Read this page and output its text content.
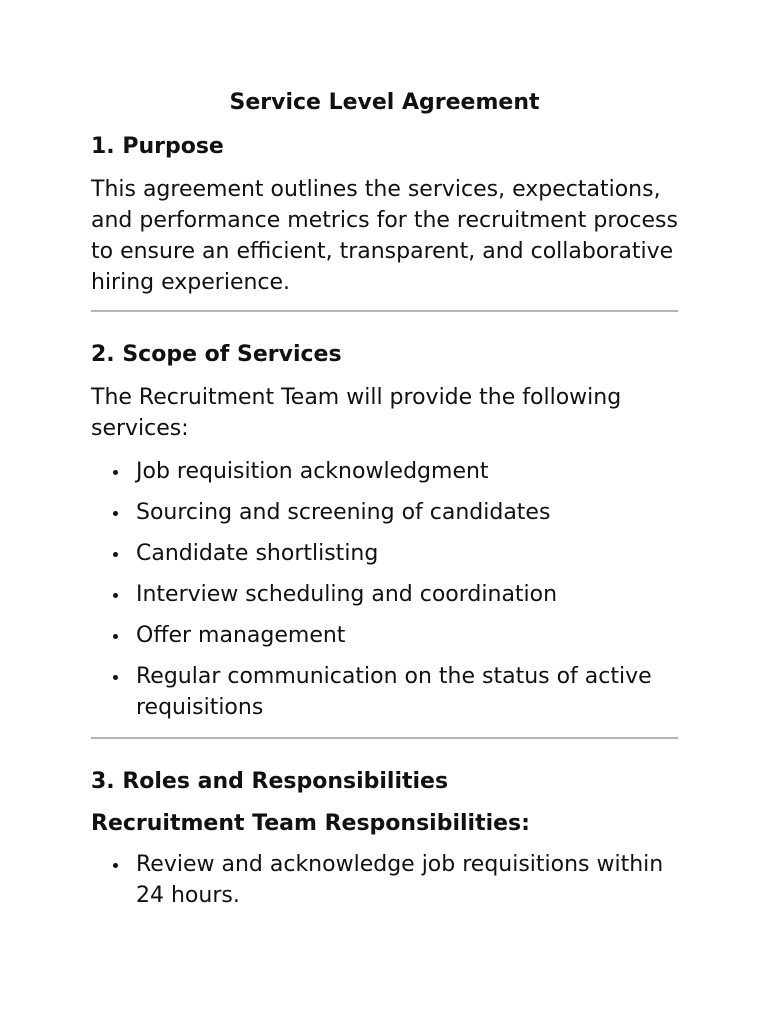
Service Level Agreement
1. Purpose

This agreement outlines the services, expectations, and performance metrics for the recruitment process to ensure an efficient, transparent, and collaborative hiring experience.

2. Scope of Services

The Recruitment Team will provide the following services:

Job requisition acknowledgment
Sourcing and screening of candidates
Candidate shortlisting
Interview scheduling and coordination
Offer management
Regular communication on the status of active requisitions
3. Roles and Responsibilities
Recruitment Team Responsibilities:
Review and acknowledge job requisitions within 24 hours.
